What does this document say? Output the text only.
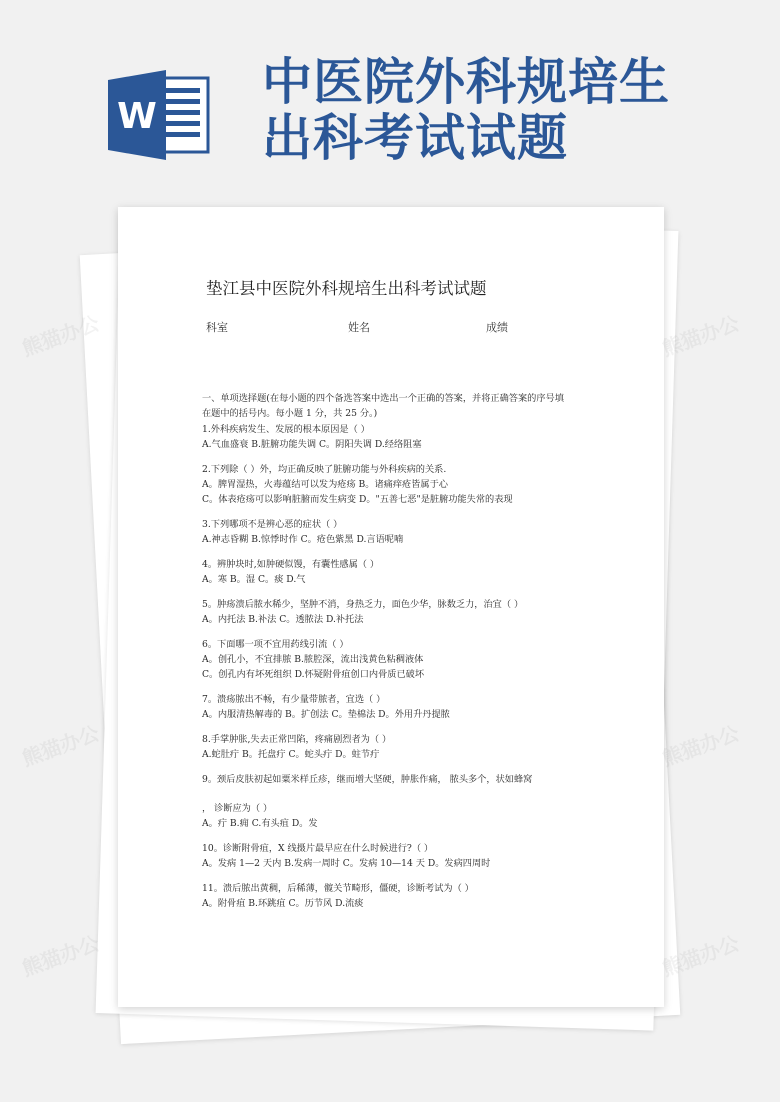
W
中医院外科规培生
出科考试试题
垫江县中医院外科规培生出科考试试题
科室	姓名	成绩
一、单项选择题(在每小题的四个备选答案中选出一个正确的答案，并将正确答案的序号填
在题中的括号内。每小题 1 分，共 25 分。)
1.外科疾病发生、发展的根本原因是（ ）
A.气血盛衰 B.脏腑功能失调 C。阴阳失调 D.经络阻塞
2.下列除（ ）外，均正确反映了脏腑功能与外科疾病的关系.
A。脾胃湿热，火毒蕴结可以发为疮疡 B。诸痛痒疮皆属于心
C。体表疮疡可以影响脏腑而发生病变 D。"五善七恶"是脏腑功能失常的表现
3.下列哪项不是辨心恶的症状（ ）
A.神志昏糊 B.惊悸时作 C。疮色紫黑 D.言语呢喃
4。辨肿块时,如肿硬似馒，有囊性感属（ ）
A。寒 B。湿 C。痰 D.气
5。肿疡溃后脓水稀少，坚肿不消，身热乏力，面色少华，脉数乏力，治宜（ ）
A。内托法 B.补法 C。透脓法 D.补托法
6。下面哪一项不宜用药线引流（ ）
A。创孔小，不宜排脓 B.脓腔深，流出浅黄色粘稠液体
C。创孔内有坏死组织 D.怀疑附骨疽创口内骨质已破坏
7。溃疡脓出不畅，有少量带脓者，宜选（ ）
A。内服清热解毒的 B。扩创法 C。垫棉法 D。外用升丹提脓
8.手掌肿胀,失去正常凹陷，疼痛剧烈者为（ ）
A.蛇肚疔 B。托盘疔 C。蛇头疔 D。蛀节疔
9。颈后皮肤初起如粟米样丘疹，继而增大坚硬，肿胀作痛， 脓头多个，状如蜂窝
， 诊断应为（ ）
A。疔 B.痈 C.有头疽 D。发
10。诊断附骨疽，X 线摄片最早应在什么时候进行?（ ）
A。发病 1—2 天内 B.发病一周时 C。发病 10—14 天 D。发病四周时
11。溃后脓出黄稠，后稀薄，髋关节畸形，僵硬，诊断考试为（ ）
A。附骨疽 B.环跳疽 C。历节风 D.流痰
熊猫办公	熊猫办公
熊猫办公	熊猫办公
熊猫办公	熊猫办公
